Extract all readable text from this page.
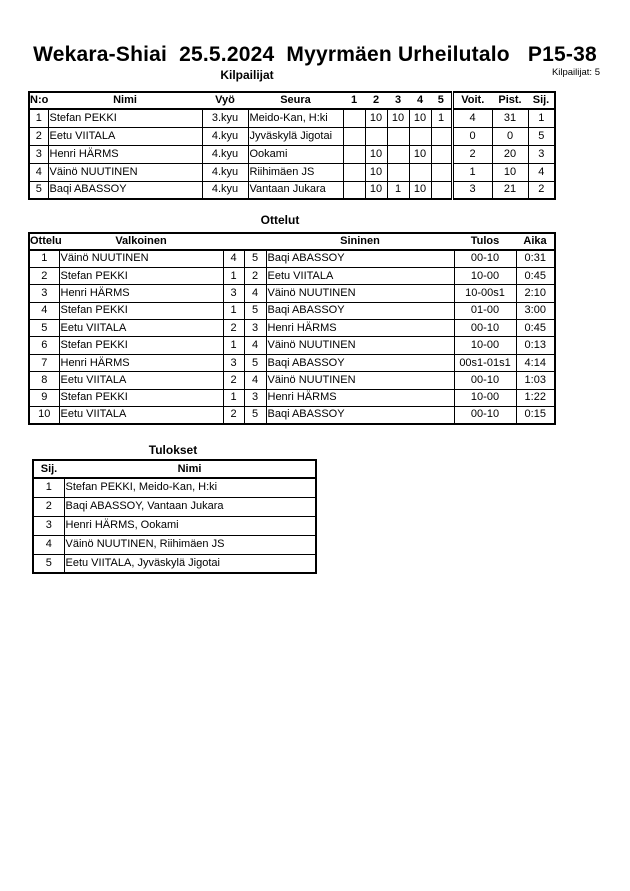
Wekara-Shiai  25.5.2024  Myyrmäen Urheilutalo   P15-38
Kilpailijat	Kilpailijat: 5
N:o	Nimi	Vyö	Seura	1	2	3	4	5	Voit.	Pist.	Sij.
1	Stefan PEKKI	3.kyu	Meido-Kan, H:ki		10	10	10	1	4	31	1
2	Eetu VIITALA	4.kyu	Jyväskylä Jigotai						0	0	5
3	Henri HÄRMS	4.kyu	Ookami		10		10		2	20	3
4	Väinö NUUTINEN	4.kyu	Riihimäen JS		10				1	10	4
5	Baqi ABASSOY	4.kyu	Vantaan Jukara		10	1	10		3	21	2
Ottelut
Ottelu	Valkoinen			Sininen	Tulos	Aika
1	Väinö NUUTINEN	4	5	Baqi ABASSOY	00-10	0:31
2	Stefan PEKKI	1	2	Eetu VIITALA	10-00	0:45
3	Henri HÄRMS	3	4	Väinö NUUTINEN	10-00s1	2:10
4	Stefan PEKKI	1	5	Baqi ABASSOY	01-00	3:00
5	Eetu VIITALA	2	3	Henri HÄRMS	00-10	0:45
6	Stefan PEKKI	1	4	Väinö NUUTINEN	10-00	0:13
7	Henri HÄRMS	3	5	Baqi ABASSOY	00s1-01s1	4:14
8	Eetu VIITALA	2	4	Väinö NUUTINEN	00-10	1:03
9	Stefan PEKKI	1	3	Henri HÄRMS	10-00	1:22
10	Eetu VIITALA	2	5	Baqi ABASSOY	00-10	0:15
Tulokset
Sij.	Nimi
1	Stefan PEKKI, Meido-Kan, H:ki
2	Baqi ABASSOY, Vantaan Jukara
3	Henri HÄRMS, Ookami
4	Väinö NUUTINEN, Riihimäen JS
5	Eetu VIITALA, Jyväskylä Jigotai
